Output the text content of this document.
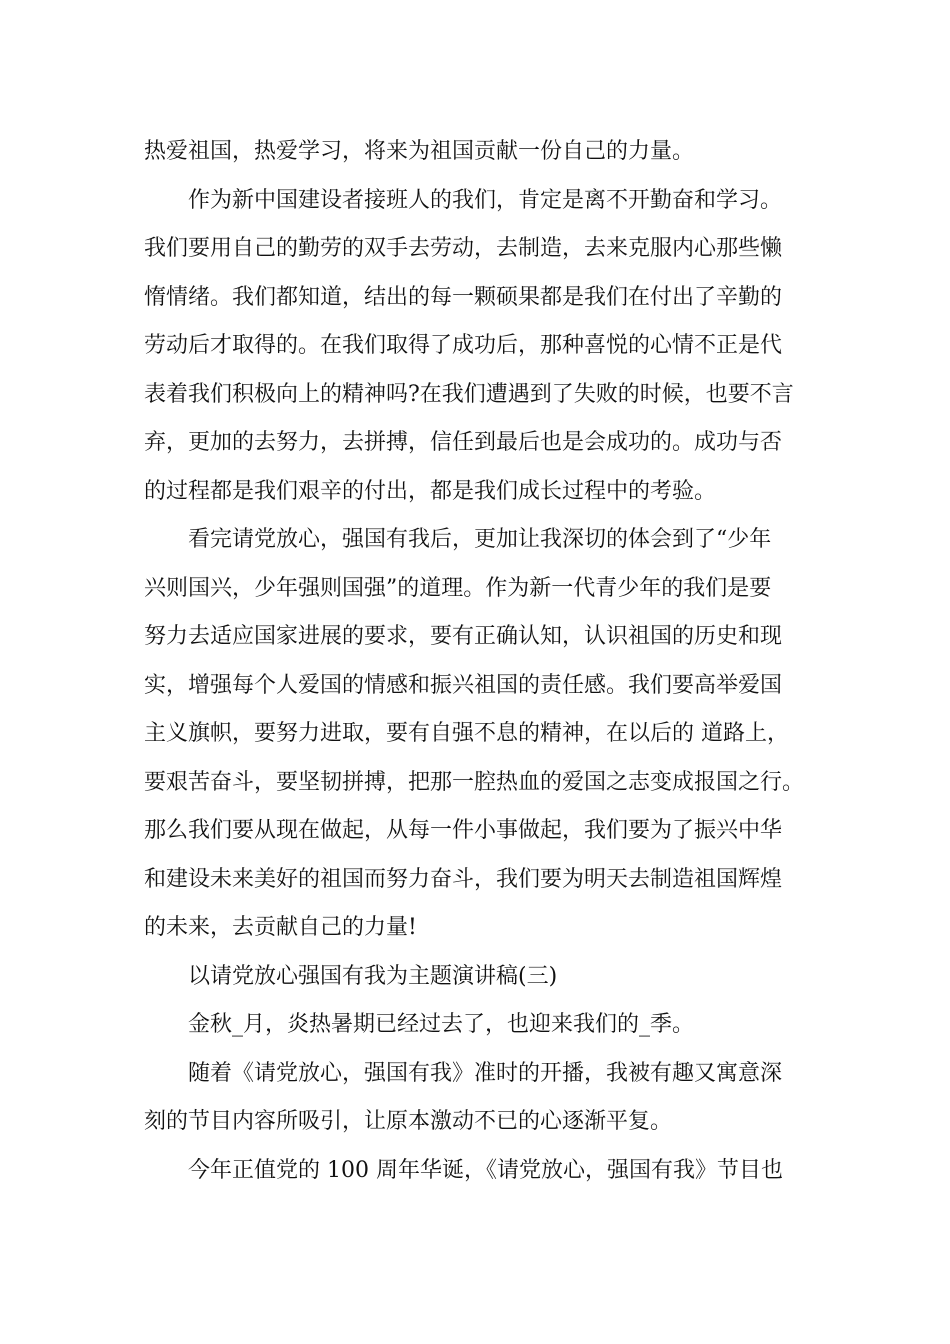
热爱祖国，热爱学习，将来为祖国贡献一份自己的力量。

作为新中国建设者接班人的我们，肯定是离不开勤奋和学习。

我们要用自己的勤劳的双手去劳动，去制造，去来克服内心那些懒

惰情绪。我们都知道，结出的每一颗硕果都是我们在付出了辛勤的

劳动后才取得的。在我们取得了成功后，那种喜悦的心情不正是代

表着我们积极向上的精神吗?在我们遭遇到了失败的时候，也要不言

弃，更加的去努力，去拼搏，信任到最后也是会成功的。成功与否

的过程都是我们艰辛的付出，都是我们成长过程中的考验。

看完请党放心，强国有我后，更加让我深切的体会到了“少年

兴则国兴，少年强则国强”的道理。作为新一代青少年的我们是要

努力去适应国家进展的要求，要有正确认知，认识祖国的历史和现

实，增强每个人爱国的情感和振兴祖国的责任感。我们要高举爱国

主义旗帜，要努力进取，要有自强不息的精神，在以后的 道路上，

要艰苦奋斗，要坚韧拼搏，把那一腔热血的爱国之志变成报国之行。

那么我们要从现在做起，从每一件小事做起，我们要为了振兴中华

和建设未来美好的祖国而努力奋斗，我们要为明天去制造祖国辉煌

的未来，去贡献自己的力量!

以请党放心强国有我为主题演讲稿(三)

金秋_月，炎热暑期已经过去了，也迎来我们的_季。

随着《请党放心，强国有我》准时的开播，我被有趣又寓意深

刻的节目内容所吸引，让原本激动不已的心逐渐平复。

今年正值党的 100 周年华诞，《请党放心，强国有我》节目也
